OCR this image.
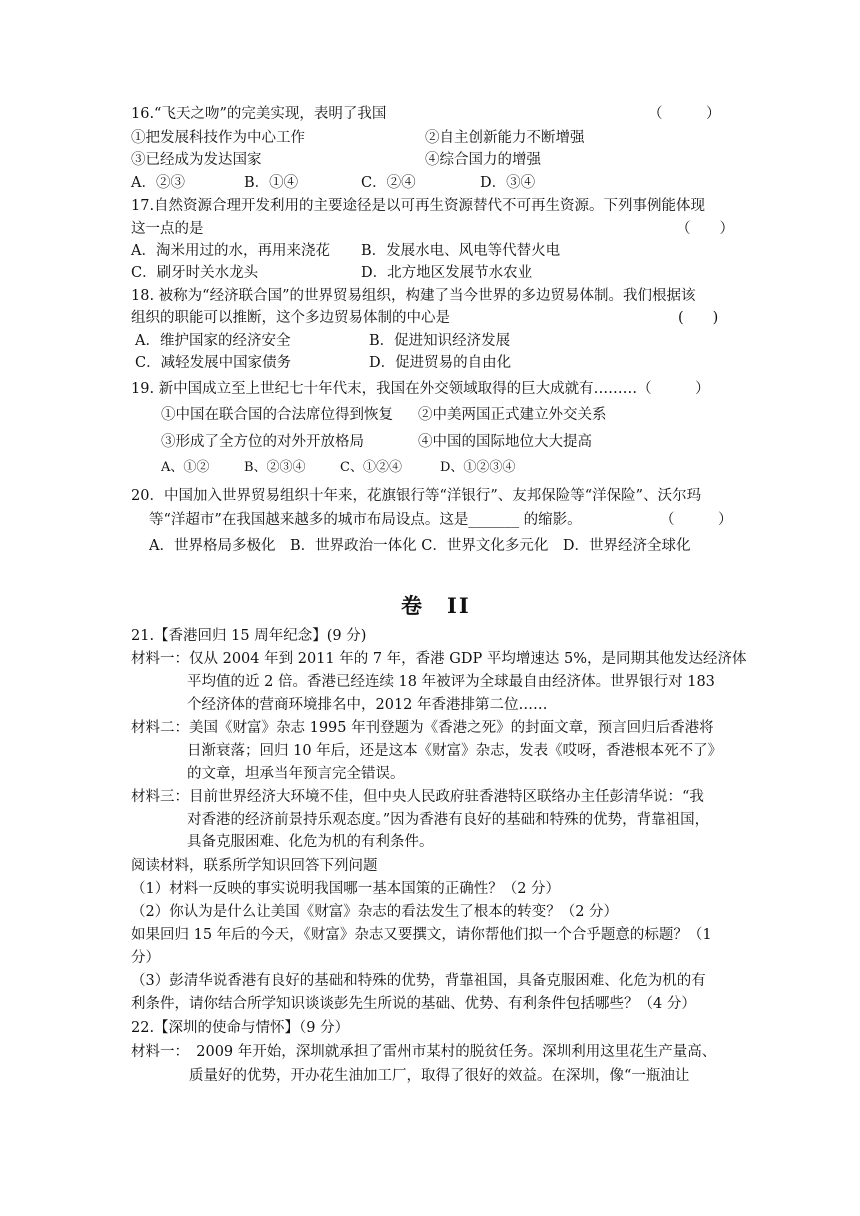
16.“飞天之吻”的完美实现，表明了我国	（　　　）
①把发展科技作为中心工作	②自主创新能力不断增强
③已经成为发达国家	④综合国力的增强
A．②③	B．①④	C．②④	D．③④
17.自然资源合理开发利用的主要途径是以可再生资源替代不可再生资源。下列事例能体现
这一点的是	（　　）
A．淘米用过的水，再用来浇花 B．发展水电、风电等代替火电
C．刷牙时关水龙头	D．北方地区发展节水农业
18. 被称为“经济联合国”的世界贸易组织，构建了当今世界的多边贸易体制。我们根据该
组织的职能可以推断，这个多边贸易体制的中心是	(　　)
A．维护国家的经济安全	B．促进知识经济发展
C．减轻发展中国家债务	D．促进贸易的自由化
19. 新中国成立至上世纪七十年代末，我国在外交领域取得的巨大成就有………（　　　）
①中国在联合国的合法席位得到恢复 ②中美两国正式建立外交关系
③形成了全方位的对外开放格局	④中国的国际地位大大提高
A、①②	B、②③④	C、①②④	D、①②③④
20．中国加入世界贸易组织十年来，花旗银行等“洋银行”、友邦保险等“洋保险”、沃尔玛
等“洋超市”在我国越来越多的城市布局设点。这是_______ 的缩影。	（　　　）
A．世界格局多极化　B．世界政治一体化 C．世界文化多元化　D．世界经济全球化
卷　II
21.【香港回归 15 周年纪念】(9 分)
材料一：仅从 2004 年到 2011 年的 7 年，香港 GDP 平均增速达 5%，是同期其他发达经济体
平均值的近 2 倍。香港已经连续 18 年被评为全球最自由经济体。世界银行对 183
个经济体的营商环境排名中，2012 年香港排第二位……
材料二：美国《财富》杂志 1995 年刊登题为《香港之死》的封面文章，预言回归后香港将
日渐衰落；回归 10 年后，还是这本《财富》杂志，发表《哎呀，香港根本死不了》
的文章，坦承当年预言完全错误。
材料三：目前世界经济大环境不佳，但中央人民政府驻香港特区联络办主任彭清华说：“我
对香港的经济前景持乐观态度。”因为香港有良好的基础和特殊的优势，背靠祖国，
具备克服困难、化危为机的有利条件。
阅读材料，联系所学知识回答下列问题
（1）材料一反映的事实说明我国哪一基本国策的正确性？（2 分）
（2）你认为是什么让美国《财富》杂志的看法发生了根本的转变？（2 分）
如果回归 15 年后的今天，《财富》杂志又要撰文，请你帮他们拟一个合乎题意的标题？（1
分）
（3）彭清华说香港有良好的基础和特殊的优势，背靠祖国，具备克服困难、化危为机的有
利条件，请你结合所学知识谈谈彭先生所说的基础、优势、有利条件包括哪些？（4 分）
22.【深圳的使命与情怀】（9 分）
材料一：　2009 年开始，深圳就承担了雷州市某村的脱贫任务。深圳利用这里花生产量高、
质量好的优势，开办花生油加工厂，取得了很好的效益。在深圳，像“一瓶油让
